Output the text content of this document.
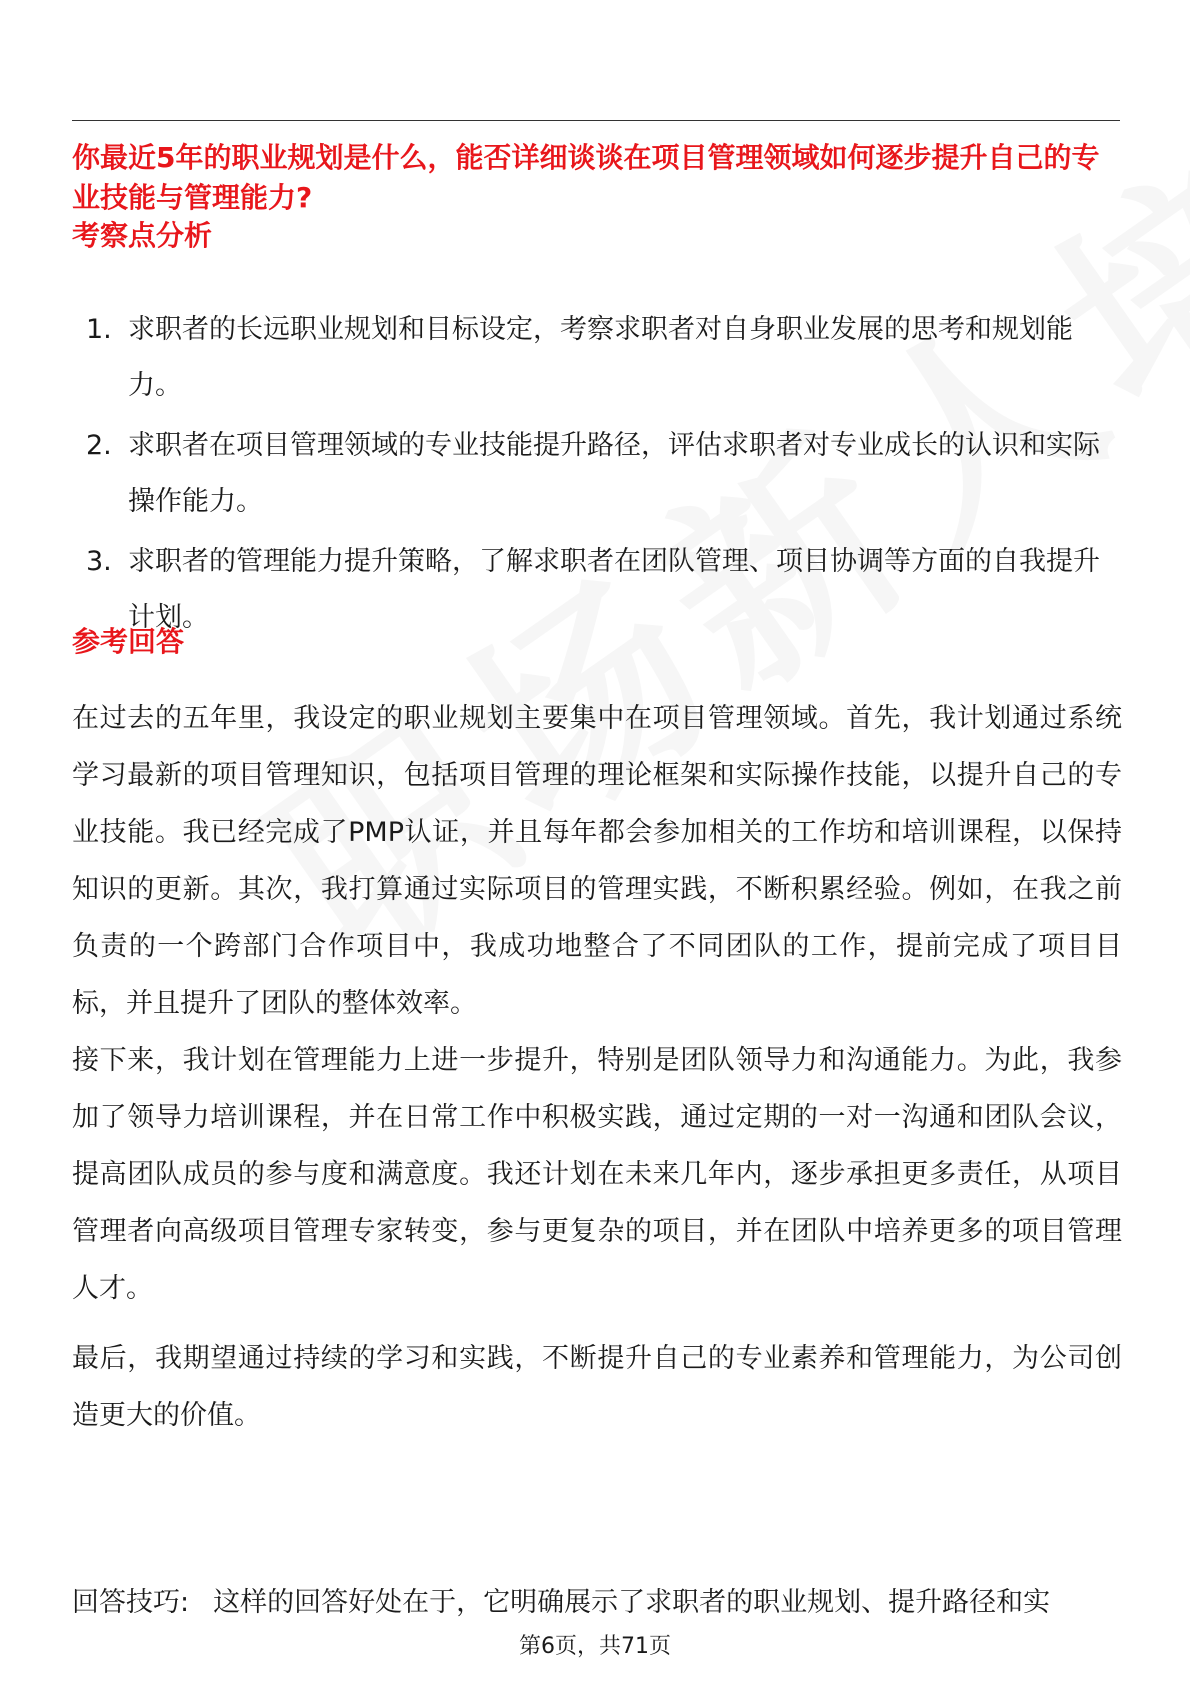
你最近5年的职业规划是什么，能否详细谈谈在项目管理领域如何逐步提升自己的专业技能与管理能力?
考察点分析
1. 求职者的长远职业规划和目标设定，考察求职者对自身职业发展的思考和规划能力。
2. 求职者在项目管理领域的专业技能提升路径，评估求职者对专业成长的认识和实际操作能力。
3. 求职者的管理能力提升策略，了解求职者在团队管理、项目协调等方面的自我提升计划。
参考回答

在过去的五年里，我设定的职业规划主要集中在项目管理领域。首先，我计划通过系统学习最新的项目管理知识，包括项目管理的理论框架和实际操作技能，以提升自己的专业技能。我已经完成了PMP认证，并且每年都会参加相关的工作坊和培训课程，以保持知识的更新。其次，我打算通过实际项目的管理实践，不断积累经验。例如，在我之前负责的一个跨部门合作项目中，我成功地整合了不同团队的工作，提前完成了项目目标，并且提升了团队的整体效率。

接下来，我计划在管理能力上进一步提升，特别是团队领导力和沟通能力。为此，我参加了领导力培训课程，并在日常工作中积极实践，通过定期的一对一沟通和团队会议，提高团队成员的参与度和满意度。我还计划在未来几年内，逐步承担更多责任，从项目管理者向高级项目管理专家转变，参与更复杂的项目，并在团队中培养更多的项目管理人才。

最后，我期望通过持续的学习和实践，不断提升自己的专业素养和管理能力，为公司创造更大的价值。

回答技巧: 这样的回答好处在于，它明确展示了求职者的职业规划、提升路径和实

第6页，共71页
